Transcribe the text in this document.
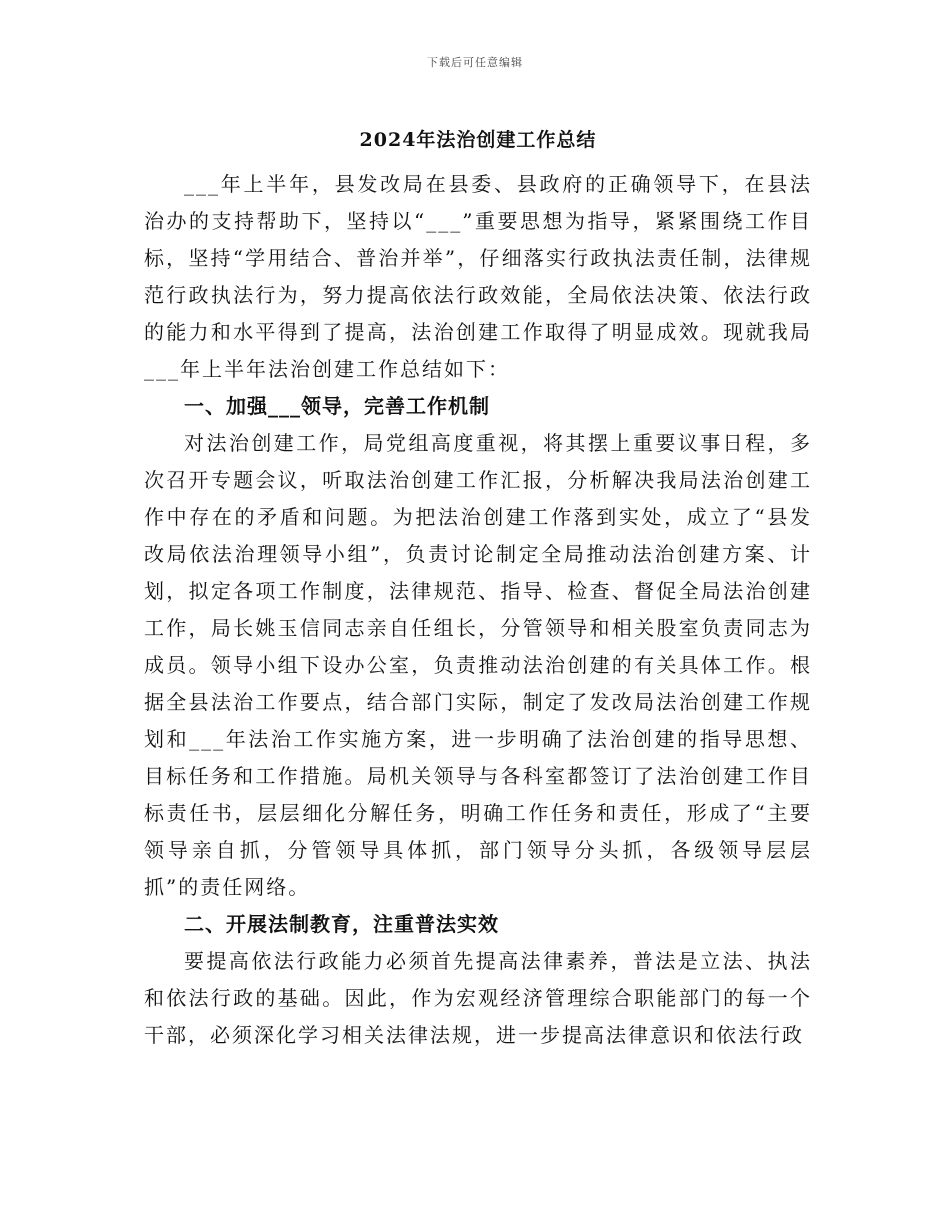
下载后可任意编辑
2024年法治创建工作总结

___年上半年，县发改局在县委、县政府的正确领导下，在县法治办的支持帮助下，坚持以“___”重要思想为指导，紧紧围绕工作目标，坚持“学用结合、普治并举”，仔细落实行政执法责任制，法律规范行政执法行为，努力提高依法行政效能，全局依法决策、依法行政的能力和水平得到了提高，法治创建工作取得了明显成效。现就我局___年上半年法治创建工作总结如下：

一、加强___领导，完善工作机制

对法治创建工作，局党组高度重视，将其摆上重要议事日程，多次召开专题会议，听取法治创建工作汇报，分析解决我局法治创建工作中存在的矛盾和问题。为把法治创建工作落到实处，成立了“县发改局依法治理领导小组”，负责讨论制定全局推动法治创建方案、计划，拟定各项工作制度，法律规范、指导、检查、督促全局法治创建工作，局长姚玉信同志亲自任组长，分管领导和相关股室负责同志为成员。领导小组下设办公室，负责推动法治创建的有关具体工作。根据全县法治工作要点，结合部门实际，制定了发改局法治创建工作规划和___年法治工作实施方案，进一步明确了法治创建的指导思想、目标任务和工作措施。局机关领导与各科室都签订了法治创建工作目标责任书，层层细化分解任务，明确工作任务和责任，形成了“主要领导亲自抓，分管领导具体抓，部门领导分头抓，各级领导层层抓”的责任网络。

二、开展法制教育，注重普法实效

要提高依法行政能力必须首先提高法律素养，普法是立法、执法和依法行政的基础。因此，作为宏观经济管理综合职能部门的每一个干部，必须深化学习相关法律法规，进一步提高法律意识和依法行政
